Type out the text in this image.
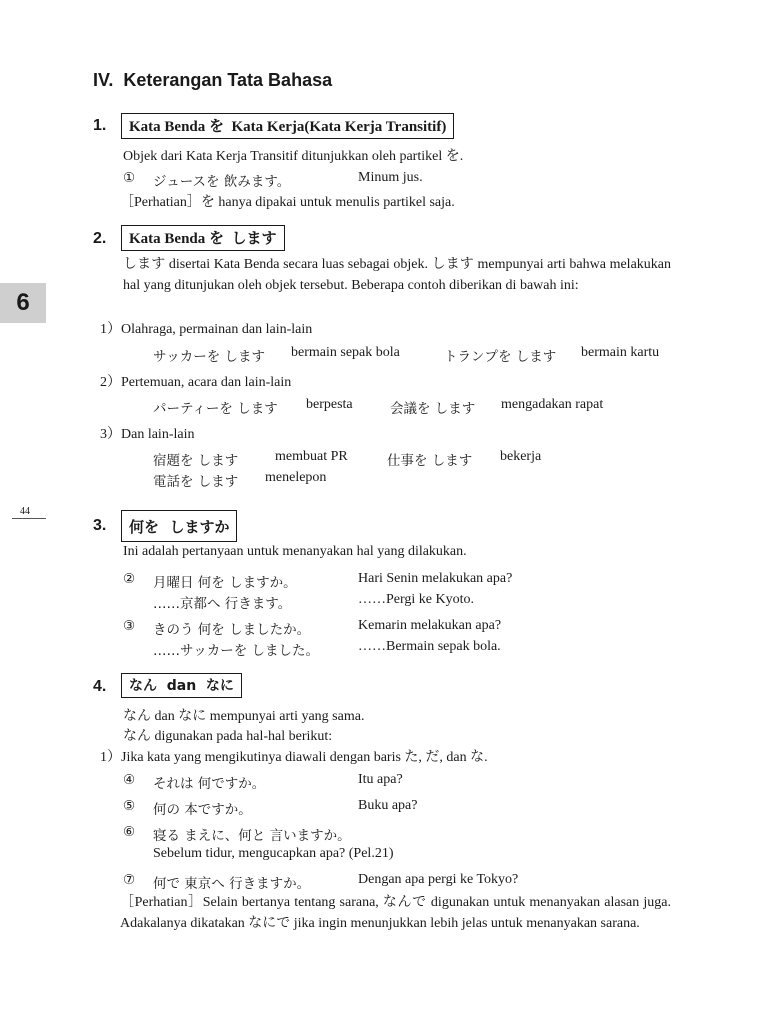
6
44
IV.  Keterangan Tata Bahasa
1.	Kata Benda を  Kata Kerja(Kata Kerja Transitif)
Objek dari Kata Kerja Transitif ditunjukkan oleh partikel を.
① ジュースを 飲みます。	Minum jus.
［Perhatian］を hanya dipakai untuk menulis partikel saja.
2.	Kata Benda を  します
します disertai Kata Benda secara luas sebagai objek. します mempunyai arti bahwa melakukan hal yang ditunjukan oleh objek tersebut. Beberapa contoh diberikan di bawah ini:
1）Olahraga, permainan dan lain-lain
サッカーを します bermain sepak bola	トランプを します bermain kartu
2）Pertemuan, acara dan lain-lain
パーティーを します berpesta	会議を します mengadakan rapat
3）Dan lain-lain
宿題を します	membuat PR	仕事を します bekerja
電話を します menelepon
3.	何を  しますか
Ini adalah pertanyaan untuk menanyakan hal yang dilakukan.
② 月曜日 何を しますか。	Hari Senin melakukan apa?
……京都へ 行きます。	……Pergi ke Kyoto.
③ きのう 何を しましたか。	Kemarin melakukan apa?
……サッカーを しました。	……Bermain sepak bola.
4.	なん  dan  なに
なん dan なに mempunyai arti yang sama.
なん digunakan pada hal-hal berikut:
1）Jika kata yang mengikutinya diawali dengan baris た, だ, dan な.
④ それは 何ですか。	Itu apa?
⑤ 何の 本ですか。	Buku apa?
⑥ 寝る まえに、何と 言いますか。
Sebelum tidur, mengucapkan apa? (Pel.21)
⑦ 何で 東京へ 行きますか。	Dengan apa pergi ke Tokyo?
［Perhatian］Selain bertanya tentang sarana, なんで digunakan untuk menanyakan alasan juga. Adakalanya dikatakan なにで jika ingin menunjukkan lebih jelas untuk menanyakan sarana.
